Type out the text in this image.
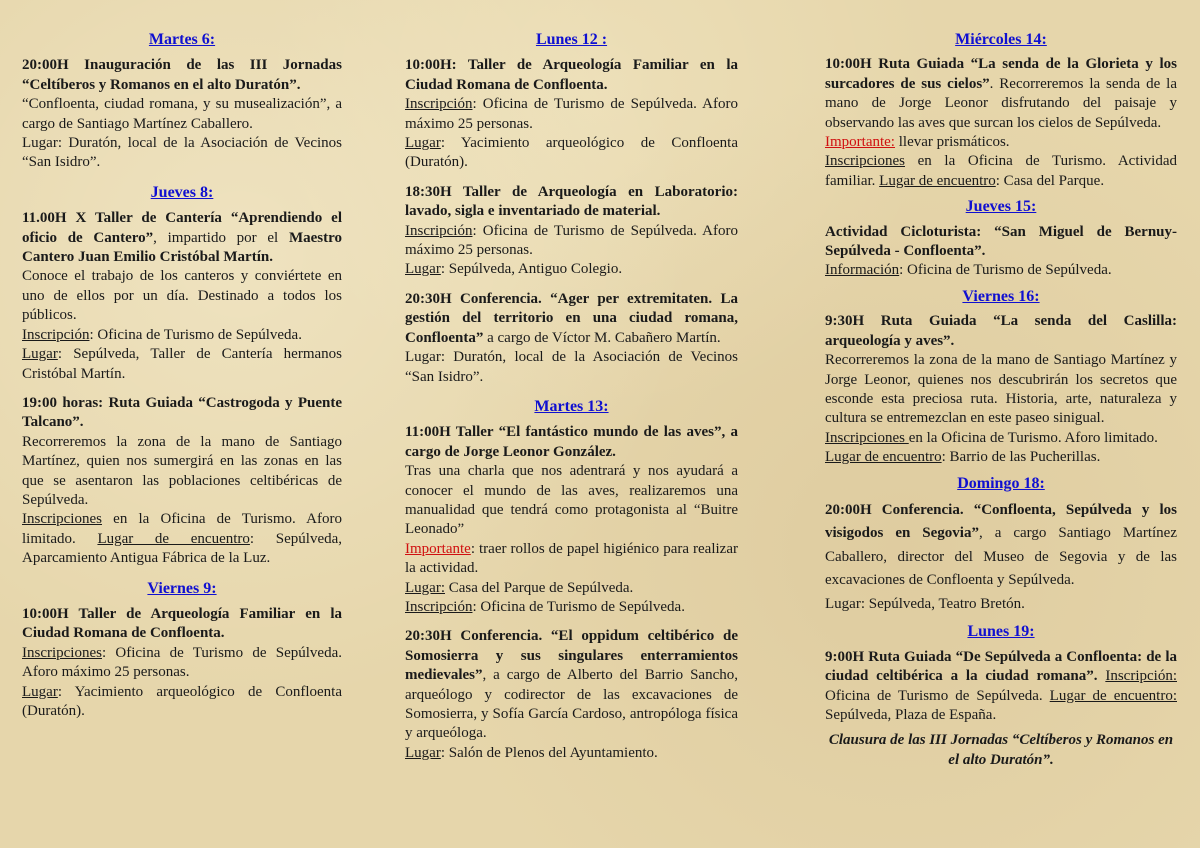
Martes 6:

20:00H Inauguración de las III Jornadas “Celtíberos y Romanos en el alto Duratón”.

“Confloenta, ciudad romana, y su musealización”, a cargo de Santiago Martínez Caballero.

Lugar: Duratón, local de la Asociación de Vecinos “San Isidro”.

Jueves 8:

11.00H X Taller de Cantería “Aprendiendo el oficio de Cantero”, impartido por el Maestro Cantero Juan Emilio Cristóbal Martín.

Conoce el trabajo de los canteros y conviértete en uno de ellos por un día. Destinado a todos los públicos.

Inscripción: Oficina de Turismo de Sepúlveda.

Lugar: Sepúlveda, Taller de Cantería hermanos Cristóbal Martín.

19:00 horas: Ruta Guiada “Castrogoda y Puente Talcano”.

Recorreremos la zona de la mano de Santiago Martínez, quien nos sumergirá en las zonas en las que se asentaron las poblaciones celtibéricas de Sepúlveda.

Inscripciones en la Oficina de Turismo. Aforo limitado. Lugar de encuentro: Sepúlveda, Aparcamiento Antigua Fábrica de la Luz.

Viernes 9:

10:00H Taller de Arqueología Familiar en la Ciudad Romana de Confloenta.

Inscripciones: Oficina de Turismo de Sepúlveda. Aforo máximo 25 personas.

Lugar: Yacimiento arqueológico de Confloenta (Duratón).

Lunes 12 :

10:00H: Taller de Arqueología Familiar en la Ciudad Romana de Confloenta.

Inscripción: Oficina de Turismo de Sepúlveda. Aforo máximo 25 personas.

Lugar: Yacimiento arqueológico de Confloenta (Duratón).

18:30H Taller de Arqueología en Laboratorio: lavado, sigla e inventariado de material.

Inscripción: Oficina de Turismo de Sepúlveda. Aforo máximo 25 personas.

Lugar: Sepúlveda, Antiguo Colegio.

20:30H Conferencia. “Ager per extremitaten. La gestión del territorio en una ciudad romana, Confloenta” a cargo de Víctor M. Cabañero Martín.

Lugar: Duratón, local de la Asociación de Vecinos “San Isidro”.

Martes 13:

11:00H Taller “El fantástico mundo de las aves”, a cargo de Jorge Leonor González.

Tras una charla que nos adentrará y nos ayudará a conocer el mundo de las aves, realizaremos una manualidad que tendrá como protagonista al “Buitre Leonado”

Importante: traer rollos de papel higiénico para realizar la actividad.

Lugar: Casa del Parque de Sepúlveda.

Inscripción: Oficina de Turismo de Sepúlveda.

20:30H Conferencia. “El oppidum celtibérico de Somosierra y sus singulares enterramientos medievales”, a cargo de Alberto del Barrio Sancho, arqueólogo y codirector de las excavaciones de Somosierra, y Sofía García Cardoso, antropóloga física y arqueóloga.

Lugar: Salón de Plenos del Ayuntamiento.

Miércoles 14:

10:00H Ruta Guiada “La senda de la Glorieta y los surcadores de sus cielos”. Recorreremos la senda de la mano de Jorge Leonor disfrutando del paisaje y observando las aves que surcan los cielos de Sepúlveda.

Importante: llevar prismáticos.

Inscripciones en la Oficina de Turismo. Actividad familiar. Lugar de encuentro: Casa del Parque.

Jueves 15:

Actividad Cicloturista: “San Miguel de Bernuy-Sepúlveda - Confloenta”.

Información: Oficina de Turismo de Sepúlveda.

Viernes 16:

9:30H Ruta Guiada “La senda del Caslilla: arqueología y aves”.

Recorreremos la zona de la mano de Santiago Martínez y Jorge Leonor, quienes nos descubrirán los secretos que esconde esta preciosa ruta. Historia, arte, naturaleza y cultura se entremezclan en este paseo sinigual.

Inscripciones en la Oficina de Turismo. Aforo limitado.

Lugar de encuentro: Barrio de las Pucherillas.

Domingo 18:

20:00H Conferencia. “Confloenta, Sepúlveda y los visigodos en Segovia”, a cargo Santiago Martínez Caballero, director del Museo de Segovia y de las excavaciones de Confloenta y Sepúlveda.

Lugar: Sepúlveda, Teatro Bretón.

Lunes 19:

9:00H Ruta Guiada “De Sepúlveda a Confloenta: de la ciudad celtibérica a la ciudad romana”. Inscripción: Oficina de Turismo de Sepúlveda. Lugar de encuentro: Sepúlveda, Plaza de España.

Clausura de las III Jornadas “Celtíberos y Romanos en el alto Duratón”.
